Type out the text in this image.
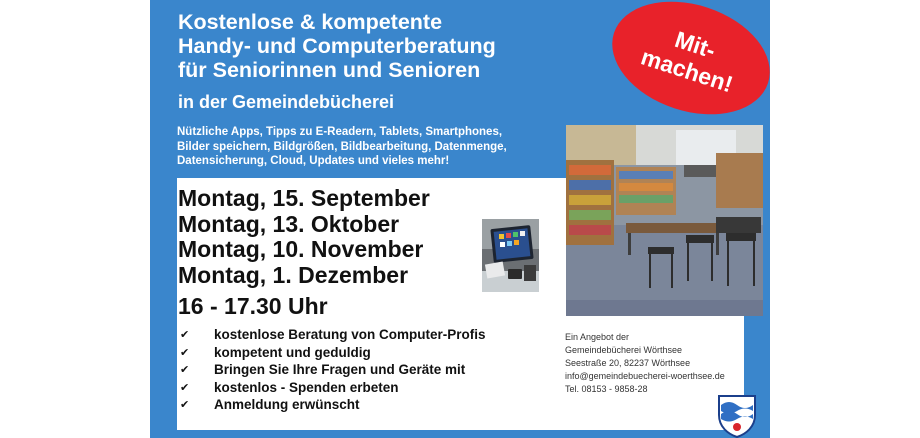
Kostenlose & kompetente
Handy- und Computerberatung
für Seniorinnen und Senioren
in der Gemeindebücherei
Nützliche Apps, Tipps zu E-Readern, Tablets, Smartphones,
Bilder speichern, Bildgrößen, Bildbearbeitung, Datenmenge,
Datensicherung, Cloud, Updates und vieles mehr!
Mit-
machen!
Montag, 15. September
Montag, 13. Oktober
Montag, 10. November
Montag, 1. Dezember
16 - 17.30 Uhr
✔	kostenlose Beratung von Computer-Profis
✔	kompetent und geduldig
✔	Bringen Sie Ihre Fragen und Geräte mit
✔	kostenlos - Spenden erbeten
✔	Anmeldung erwünscht
Ein Angebot der
Gemeindebücherei Wörthsee
Seestraße 20, 82237 Wörthsee
info@gemeindebuecherei-woerthsee.de
Tel. 08153 - 9858-28
